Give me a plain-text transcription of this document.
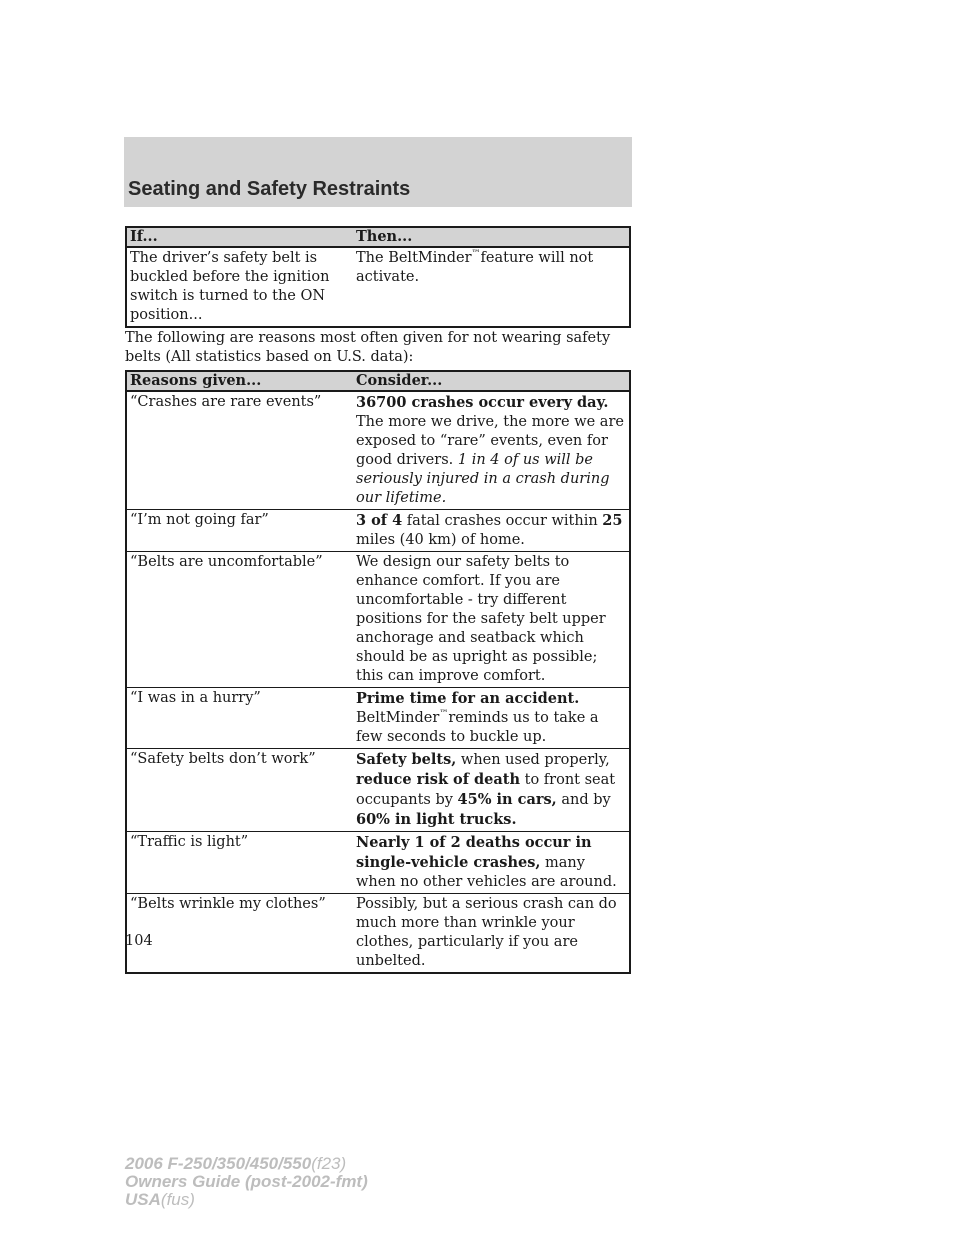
Seating and Safety Restraints
If...	Then...
The driver’s safety belt is buckled before the ignition switch is turned to the ON position...	The BeltMinder™feature will not activate.

The following are reasons most often given for not wearing safety belts (All statistics based on U.S. data):

Reasons given...	Consider...
“Crashes are rare events”	36700 crashes occur every day. The more we drive, the more we are exposed to “rare” events, even for good drivers. 1 in 4 of us will be seriously injured in a crash during our lifetime.
“I’m not going far”	3 of 4 fatal crashes occur within 25 miles (40 km) of home.
“Belts are uncomfortable”	We design our safety belts to enhance comfort. If you are uncomfortable - try different positions for the safety belt upper anchorage and seatback which should be as upright as possible; this can improve comfort.
“I was in a hurry”	Prime time for an accident.
BeltMinder™reminds us to take a few seconds to buckle up.
“Safety belts don’t work”	Safety belts, when used properly, reduce risk of death to front seat occupants by 45% in cars, and by 60% in light trucks.
“Traffic is light”	Nearly 1 of 2 deaths occur in single-vehicle crashes, many when no other vehicles are around.
“Belts wrinkle my clothes”	Possibly, but a serious crash can do much more than wrinkle your clothes, particularly if you are unbelted.
104
2006 F-250/350/450/550(f23)
Owners Guide (post-2002-fmt)
USA(fus)
